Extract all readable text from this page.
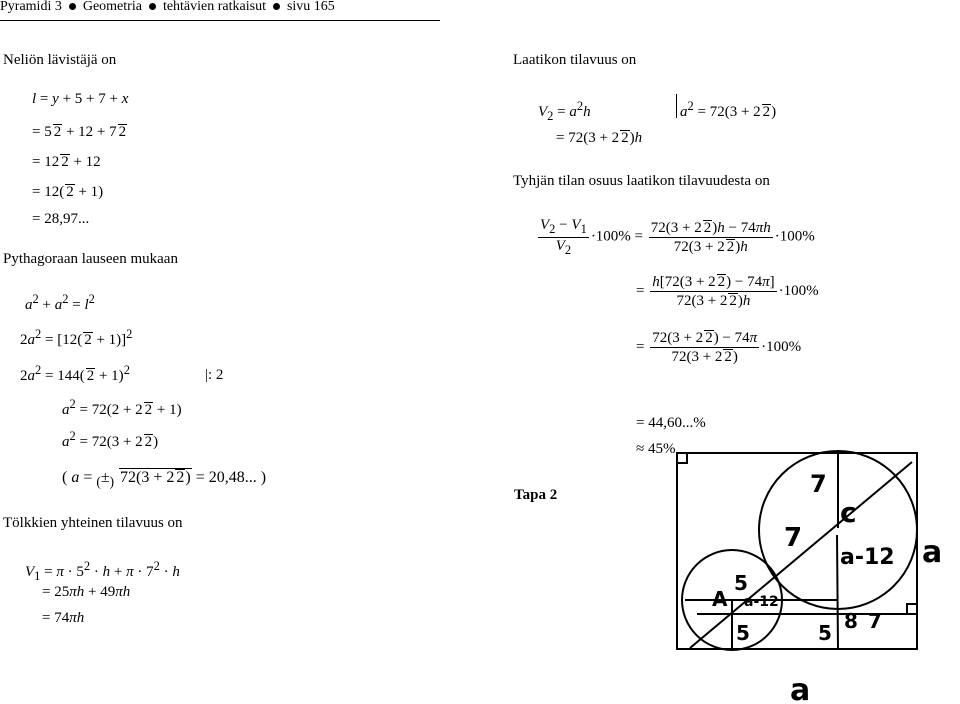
Pyramidi 3 Geometria tehtävien ratkaisut sivu 165
Neliön lävistäjä on
l = y + 5 + 7 + x
= 5 2 + 12 + 7 2
= 12 2 + 12
= 12( 2 + 1)
= 28,97...
Pythagoraan lauseen mukaan
$a^2 + a^2 = l^2$
$2a^2 = [12$( 2 + 1)]$^2$
$2a^2 = 144$( 2 + 1)$^2$	|: 2
$a^2 = 72(2 + 2$ 2 + 1)
$a^2 = 72(3 + 2$ 2)
( $a = _(\pm_)$ 72(3 + 2 2) = 20,48... )
Tölkkien yhteinen tilavuus on
$V_1 = \pi \cdot 5^2 \cdot h + \pi \cdot 7^2 \cdot h$
= 25πh + 49πh
= 74πh
Laatikon tilavuus on
$V_2 = a^2h$	$a^2 = 72(3 + 2$ 2)
= 72(3 + 2 2)h
Tyhjän tilan osuus laatikon tilavuudesta on
$\frac{V_2 - V_1}{V_2} \cdot 100\% = \frac{72(3 + 2 2)h - 74\pi h}{72(3 + 2 2)h} \cdot 100\%$
= $\frac{h[72(3 + 2 2) - 74\pi]}{72(3 + 2 2)h} \cdot 100\%$
= $\frac{72(3 + 2 2) - 74\pi}{72(3 + 2 2)} \cdot 100\%$
= 44,60...%
≈ 45%
Tapa 2	7
c
7
a-12 a
5
A a-12
5	5 8 7
a
